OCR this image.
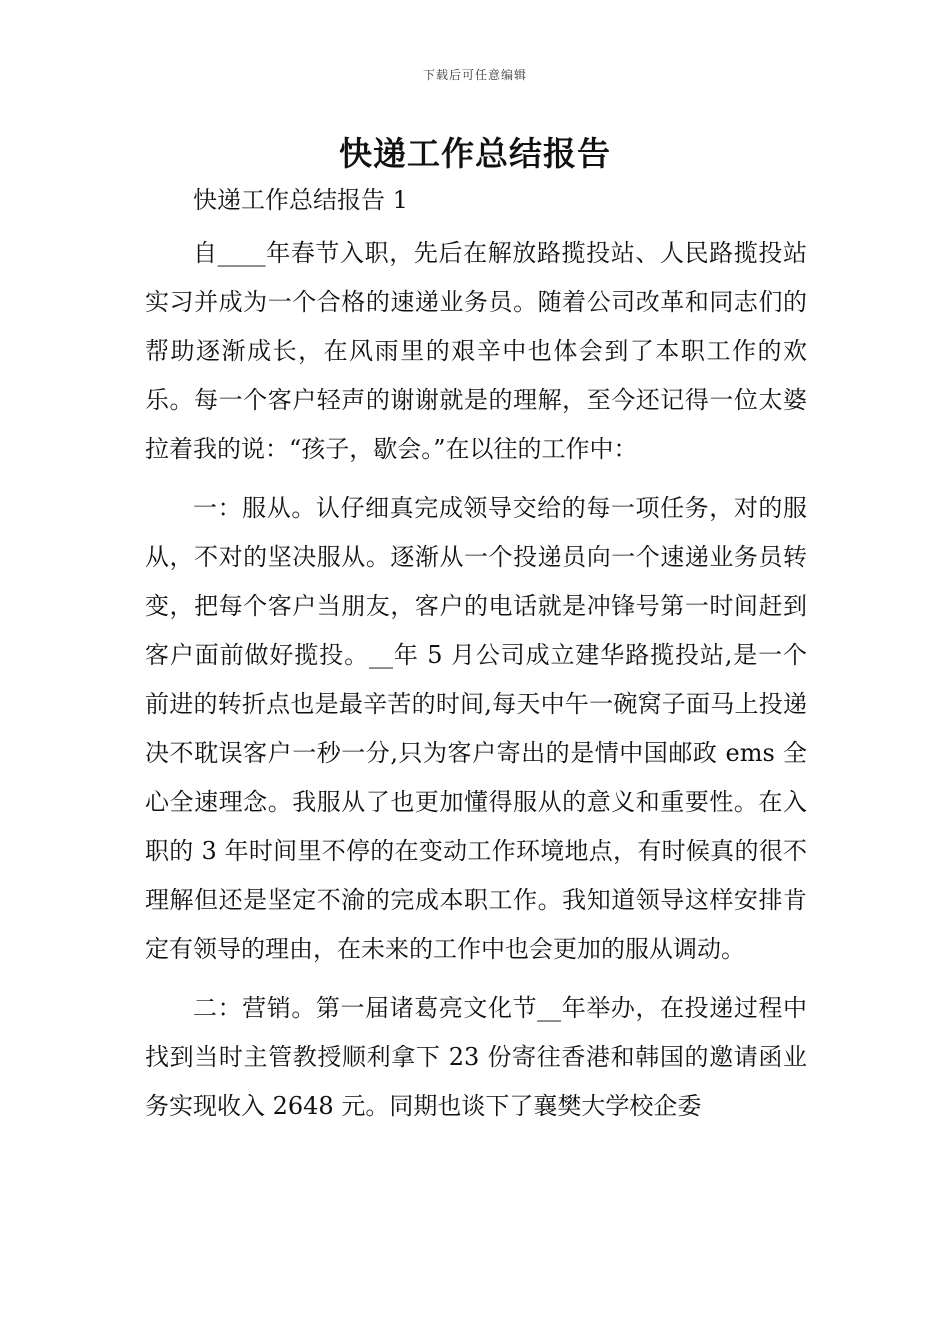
下载后可任意编辑
快递工作总结报告

快递工作总结报告 1

自____年春节入职，先后在解放路揽投站、人民路揽投站实习并成为一个合格的速递业务员。随着公司改革和同志们的帮助逐渐成长，在风雨里的艰辛中也体会到了本职工作的欢乐。每一个客户轻声的谢谢就是的理解，至今还记得一位太婆拉着我的说：“孩子，歇会。”在以往的工作中：

一：服从。认仔细真完成领导交给的每一项任务，对的服从，不对的坚决服从。逐渐从一个投递员向一个速递业务员转变，把每个客户当朋友，客户的电话就是冲锋号第一时间赶到客户面前做好揽投。__年 5 月公司成立建华路揽投站,是一个前进的转折点也是最辛苦的时间,每天中午一碗窝子面马上投递决不耽误客户一秒一分,只为客户寄出的是情中国邮政 ems 全心全速理念。我服从了也更加懂得服从的意义和重要性。在入职的 3 年时间里不停的在变动工作环境地点，有时候真的很不理解但还是坚定不渝的完成本职工作。我知道领导这样安排肯定有领导的理由，在未来的工作中也会更加的服从调动。

二：营销。第一届诸葛亮文化节__年举办，在投递过程中找到当时主管教授顺利拿下 23 份寄往香港和韩国的邀请函业务实现收入 2648 元。同期也谈下了襄樊大学校企委
